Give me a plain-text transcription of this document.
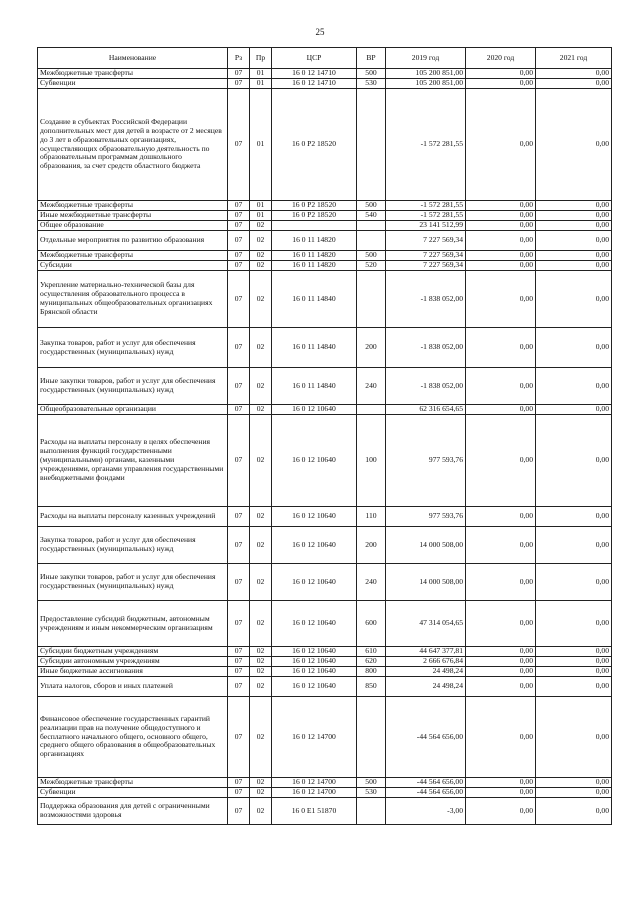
25
Наименование	Рз	Пр	ЦСР	ВР	2019 год	2020 год	2021 год
Межбюджетные трансферты	07	01	16 0 12 14710	500	105 200 851,00	0,00	0,00
Субвенции	07	01	16 0 12 14710	530	105 200 851,00	0,00	0,00
Создание в субъектах Российской Федерации дополнительных мест для детей в возрасте от 2 месяцев до 3 лет в образовательных организациях, осуществляющих образовательную деятельность по образовательным программам дошкольного образования, за счет средств областного бюджета	07	01	16 0 P2 18520		-1 572 281,55	0,00	0,00
Межбюджетные трансферты	07	01	16 0 P2 18520	500	-1 572 281,55	0,00	0,00
Иные межбюджетные трансферты	07	01	16 0 P2 18520	540	-1 572 281,55	0,00	0,00
Общее образование	07	02			23 141 512,99	0,00	0,00
Отдельные мероприятия по развитию образования	07	02	16 0 11 14820		7 227 569,34	0,00	0,00
Межбюджетные трансферты	07	02	16 0 11 14820	500	7 227 569,34	0,00	0,00
Субсидии	07	02	16 0 11 14820	520	7 227 569,34	0,00	0,00
Укрепление материально-технической базы для осуществления образовательного процесса в муниципальных общеобразовательных организациях Брянской области	07	02	16 0 11 14840		-1 838 052,00	0,00	0,00
Закупка товаров, работ и услуг для обеспечения государственных (муниципальных) нужд	07	02	16 0 11 14840	200	-1 838 052,00	0,00	0,00
Иные закупки товаров, работ и услуг для обеспечения государственных (муниципальных) нужд	07	02	16 0 11 14840	240	-1 838 052,00	0,00	0,00
Общеобразовательные организации	07	02	16 0 12 10640		62 316 654,65	0,00	0,00
Расходы на выплаты персоналу в целях обеспечения выполнения функций государственными (муниципальными) органами, казенными учреждениями, органами управления государственными внебюджетными фондами	07	02	16 0 12 10640	100	977 593,76	0,00	0,00
Расходы на выплаты персоналу казенных учреждений	07	02	16 0 12 10640	110	977 593,76	0,00	0,00
Закупка товаров, работ и услуг для обеспечения государственных (муниципальных) нужд	07	02	16 0 12 10640	200	14 000 508,00	0,00	0,00
Иные закупки товаров, работ и услуг для обеспечения государственных (муниципальных) нужд	07	02	16 0 12 10640	240	14 000 508,00	0,00	0,00
Предоставление субсидий бюджетным, автономным учреждениям и иным некоммерческим организациям	07	02	16 0 12 10640	600	47 314 054,65	0,00	0,00
Субсидии бюджетным учреждениям	07	02	16 0 12 10640	610	44 647 377,81	0,00	0,00
Субсидии автономным учреждениям	07	02	16 0 12 10640	620	2 666 676,84	0,00	0,00
Иные бюджетные ассигнования	07	02	16 0 12 10640	800	24 498,24	0,00	0,00
Уплата налогов, сборов и иных платежей	07	02	16 0 12 10640	850	24 498,24	0,00	0,00
Финансовое обеспечение государственных гарантий реализации прав на получение общедоступного и бесплатного начального общего, основного общего, среднего общего образования в общеобразовательных организациях	07	02	16 0 12 14700		-44 564 656,00	0,00	0,00
Межбюджетные трансферты	07	02	16 0 12 14700	500	-44 564 656,00	0,00	0,00
Субвенции	07	02	16 0 12 14700	530	-44 564 656,00	0,00	0,00
Поддержка образования для детей с ограниченными возможностями здоровья	07	02	16 0 E1 51870		-3,00	0,00	0,00
